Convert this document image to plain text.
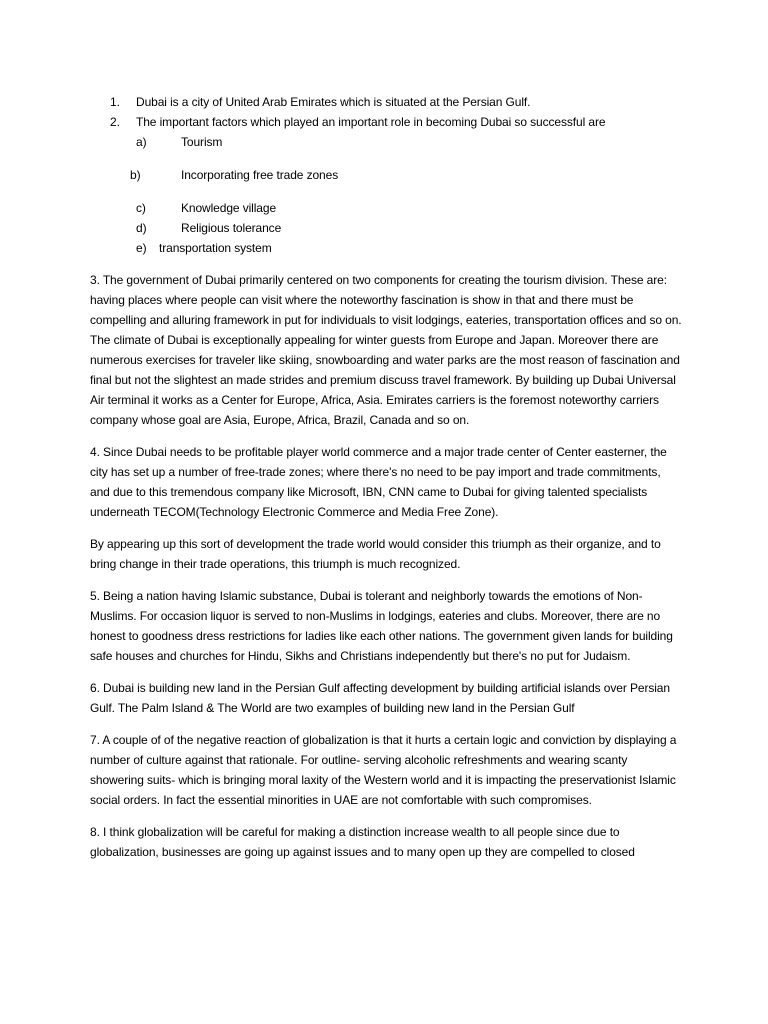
1.	Dubai is a city of United Arab Emirates which is situated at the Persian Gulf.
2.	The important factors which played an important role in becoming Dubai so successful are
a)	Tourism
b)	Incorporating free trade zones
c)	Knowledge village
d)	Religious tolerance
e) transportation system

3. The government of Dubai primarily centered on two components for creating the tourism division. These are: having places where people can visit where the noteworthy fascination is show in that and there must be compelling and alluring framework in put for individuals to visit lodgings, eateries, transportation offices and so on. The climate of Dubai is exceptionally appealing for winter guests from Europe and Japan. Moreover there are numerous exercises for traveler like skiing, snowboarding and water parks are the most reason of fascination and final but not the slightest an made strides and premium discuss travel framework. By building up Dubai Universal Air terminal it works as a Center for Europe, Africa, Asia. Emirates carriers is the foremost noteworthy carriers company whose goal are Asia, Europe, Africa, Brazil, Canada and so on.

4. Since Dubai needs to be profitable player world commerce and a major trade center of Center easterner, the city has set up a number of free-trade zones; where there's no need to be pay import and trade commitments, and due to this tremendous company like Microsoft, IBN, CNN came to Dubai for giving talented specialists underneath TECOM(Technology Electronic Commerce and Media Free Zone).

By appearing up this sort of development the trade world would consider this triumph as their organize, and to bring change in their trade operations, this triumph is much recognized.

5. Being a nation having Islamic substance, Dubai is tolerant and neighborly towards the emotions of Non-Muslims. For occasion liquor is served to non-Muslims in lodgings, eateries and clubs. Moreover, there are no honest to goodness dress restrictions for ladies like each other nations. The government given lands for building safe houses and churches for Hindu, Sikhs and Christians independently but there's no put for Judaism.

6. Dubai is building new land in the Persian Gulf affecting development by building artificial islands over Persian Gulf. The Palm Island & The World are two examples of building new land in the Persian Gulf

7. A couple of of the negative reaction of globalization is that it hurts a certain logic and conviction by displaying a number of culture against that rationale. For outline- serving alcoholic refreshments and wearing scanty showering suits- which is bringing moral laxity of the Western world and it is impacting the preservationist Islamic social orders. In fact the essential minorities in UAE are not comfortable with such compromises.

8. I think globalization will be careful for making a distinction increase wealth to all people since due to globalization, businesses are going up against issues and to many open up they are compelled to closed
